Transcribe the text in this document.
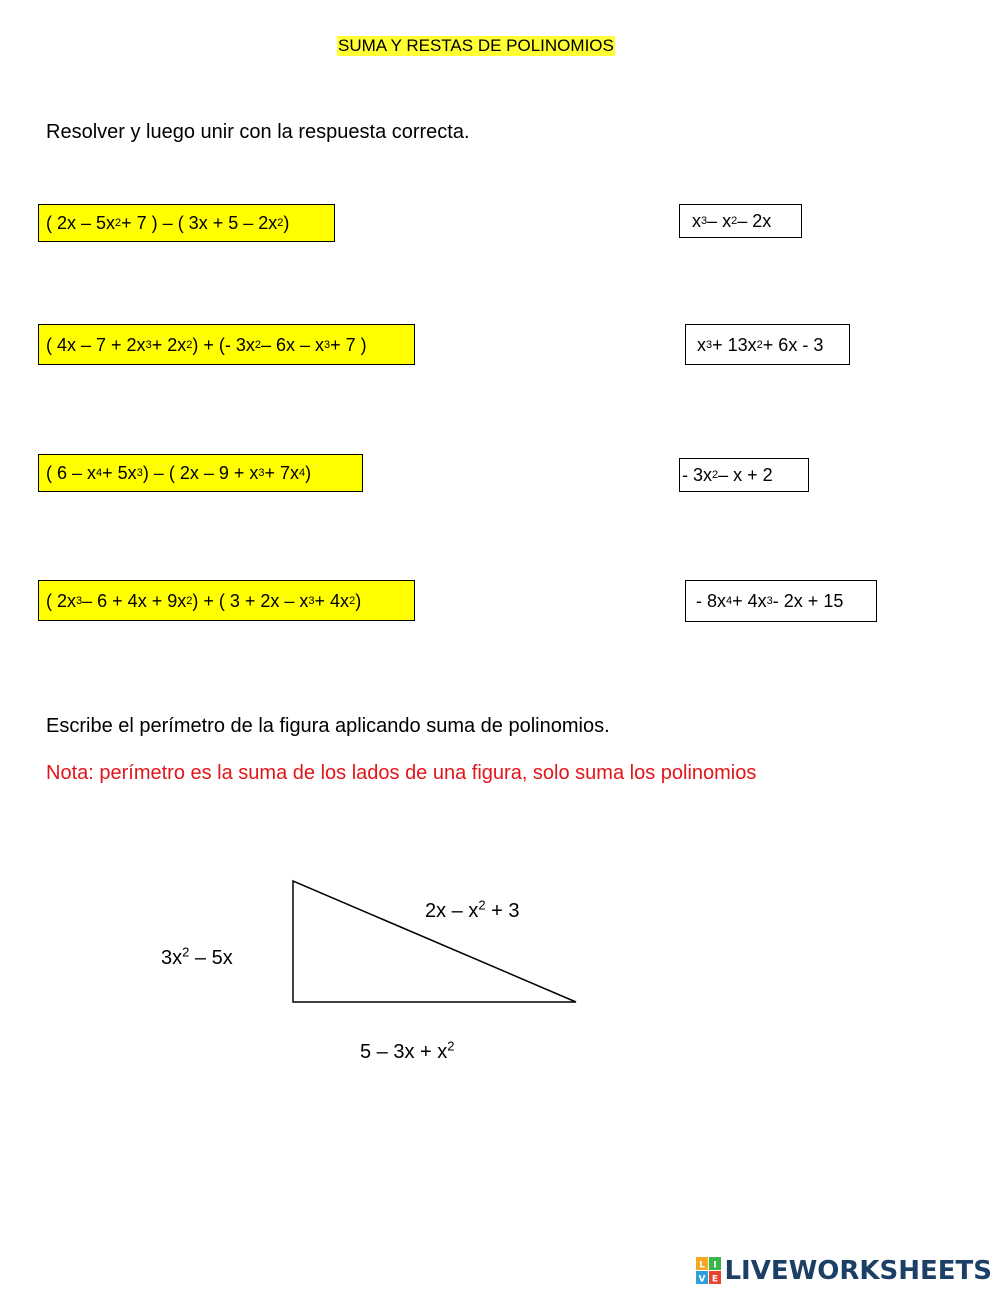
SUMA Y RESTAS DE POLINOMIOS
Resolver y luego unir con la respuesta correcta.
( 2x – 5x 2 + 7 ) – ( 3x + 5 – 2x 2 )
( 4x – 7 + 2x 3 + 2x 2 ) + (- 3x 2 – 6x – x 3 + 7 )
( 6 – x 4 + 5x 3 ) – ( 2x – 9 + x 3 + 7x 4 )
( 2x 3 – 6 + 4x + 9x 2 ) + ( 3 + 2x – x 3 + 4x 2 )
x 3 – x 2 – 2x
x 3 + 13x 2 + 6x - 3
- 3x 2 – x + 2
- 8x 4 + 4x 3 - 2x + 15
Escribe el perímetro de la figura aplicando suma de polinomios.
Nota: perímetro es la suma de los lados de una figura, solo suma los polinomios
$3x^2 - 5x$
$2x - x^2 + 3$
$5 - 3x + x^2$
L I
V E LIVEWORKSHEETS
